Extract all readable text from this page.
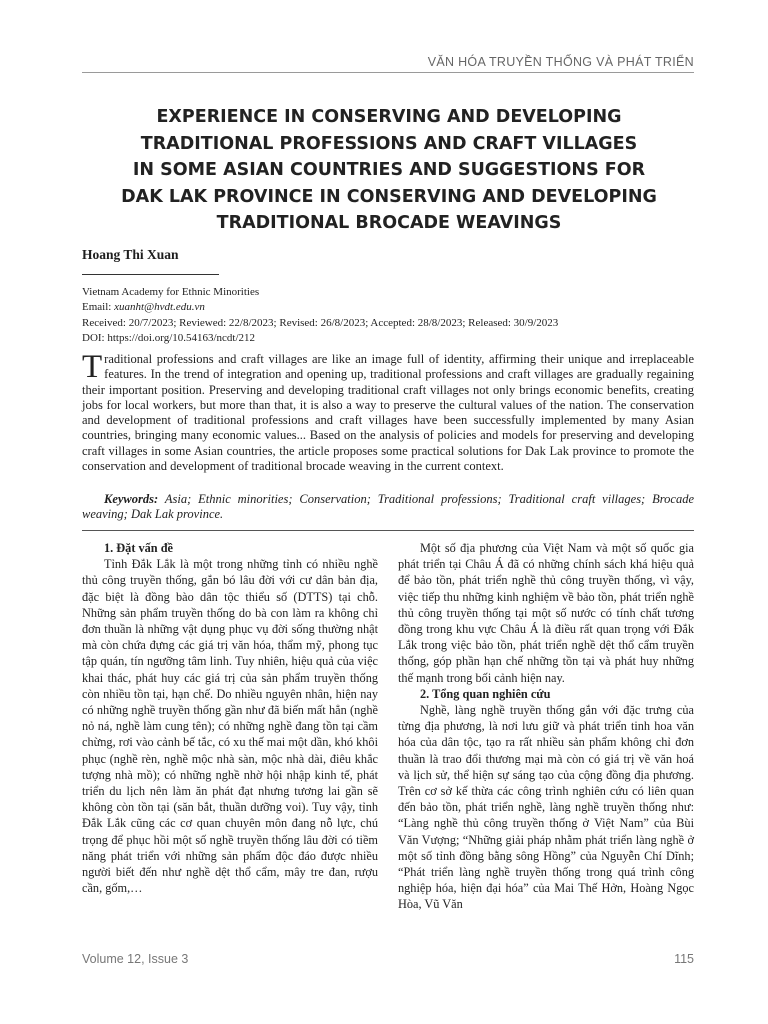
VĂN HÓA TRUYỀN THỐNG VÀ PHÁT TRIỂN
EXPERIENCE IN CONSERVING AND DEVELOPING
TRADITIONAL PROFESSIONS AND CRAFT VILLAGES
IN SOME ASIAN COUNTRIES AND SUGGESTIONS FOR
DAK LAK PROVINCE IN CONSERVING AND DEVELOPING
TRADITIONAL BROCADE WEAVINGS
Hoang Thi Xuan
Vietnam Academy for Ethnic Minorities
Email: xuanht@hvdt.edu.vn
Received: 20/7/2023; Reviewed: 22/8/2023; Revised: 26/8/2023; Accepted: 28/8/2023; Released: 30/9/2023
DOI: https://doi.org/10.54163/ncdt/212
Traditional professions and craft villages are like an image full of identity, affirming their unique and irreplaceable features. In the trend of integration and opening up, traditional professions and craft villages are gradually regaining their important position. Preserving and developing traditional craft villages not only brings economic benefits, creating jobs for local workers, but more than that, it is also a way to preserve the cultural values of the nation. The conservation and development of traditional professions and craft villages have been successfully implemented by many Asian countries, bringing many economic values... Based on the analysis of policies and models for preserving and developing craft villages in some Asian countries, the article proposes some practical solutions for Dak Lak province to promote the conservation and development of traditional brocade weaving in the current context.
Keywords: Asia; Ethnic minorities; Conservation; Traditional professions; Traditional craft villages; Brocade weaving; Dak Lak province.
1. Đặt vấn đề

Tỉnh Đắk Lắk là một trong những tỉnh có nhiều nghề thủ công truyền thống, gắn bó lâu đời với cư dân bản địa, đặc biệt là đồng bào dân tộc thiểu số (DTTS) tại chỗ. Những sản phẩm truyền thống do bà con làm ra không chỉ đơn thuần là những vật dụng phục vụ đời sống thường nhật mà còn chứa đựng các giá trị văn hóa, thẩm mỹ, phong tục tập quán, tín ngưỡng tâm linh. Tuy nhiên, hiệu quả của việc khai thác, phát huy các giá trị của sản phẩm truyền thống còn nhiều tồn tại, hạn chế. Do nhiều nguyên nhân, hiện nay có những nghề truyền thống gần như đã biến mất hẳn (nghề nỏ ná, nghề làm cung tên); có những nghề đang tồn tại cầm chừng, rơi vào cảnh bế tắc, có xu thế mai một dần, khó khôi phục (nghề rèn, nghề mộc nhà sàn, mộc nhà dài, điêu khắc tượng nhà mồ); có những nghề nhờ hội nhập kinh tế, phát triển du lịch nên làm ăn phát đạt nhưng tương lai gần sẽ không còn tồn tại (săn bắt, thuần dưỡng voi). Tuy vậy, tỉnh Đắk Lắk cũng các cơ quan chuyên môn đang nỗ lực, chú trọng để phục hồi một số nghề truyền thống lâu đời có tiềm năng phát triển với những sản phẩm độc đáo được nhiều người biết đến như nghề dệt thổ cẩm, mây tre đan, rượu cần, gốm,…

Một số địa phương của Việt Nam và một số quốc gia phát triển tại Châu Á đã có những chính sách khá hiệu quả để bảo tồn, phát triển nghề thủ công truyền thống, vì vậy, việc tiếp thu những kinh nghiệm về bảo tồn, phát triển nghề thủ công truyền thống tại một số nước có tính chất tương đồng trong khu vực Châu Á là điều rất quan trọng với Đắk Lắk trong việc bảo tồn, phát triển nghề dệt thổ cẩm truyền thống, góp phần hạn chế những tồn tại và phát huy những thế mạnh trong bối cảnh hiện nay.

2. Tổng quan nghiên cứu

Nghề, làng nghề truyền thống gắn với đặc trưng của từng địa phương, là nơi lưu giữ và phát triển tinh hoa văn hóa của dân tộc, tạo ra rất nhiều sản phẩm không chỉ đơn thuần là trao đổi thương mại mà còn có giá trị về văn hoá và lịch sử, thể hiện sự sáng tạo của cộng đồng địa phương. Trên cơ sở kế thừa các công trình nghiên cứu có liên quan đến bảo tồn, phát triển nghề, làng nghề truyền thống như: “Làng nghề thủ công truyền thống ở Việt Nam” của Bùi Văn Vượng; “Những giải pháp nhằm phát triển làng nghề ở một số tỉnh đồng bằng sông Hồng” của Nguyễn Chí Dĩnh; “Phát triển làng nghề truyền thống trong quá trình công nghiệp hóa, hiện đại hóa” của Mai Thế Hởn, Hoàng Ngọc Hòa, Vũ Văn

Volume 12, Issue 3	115
